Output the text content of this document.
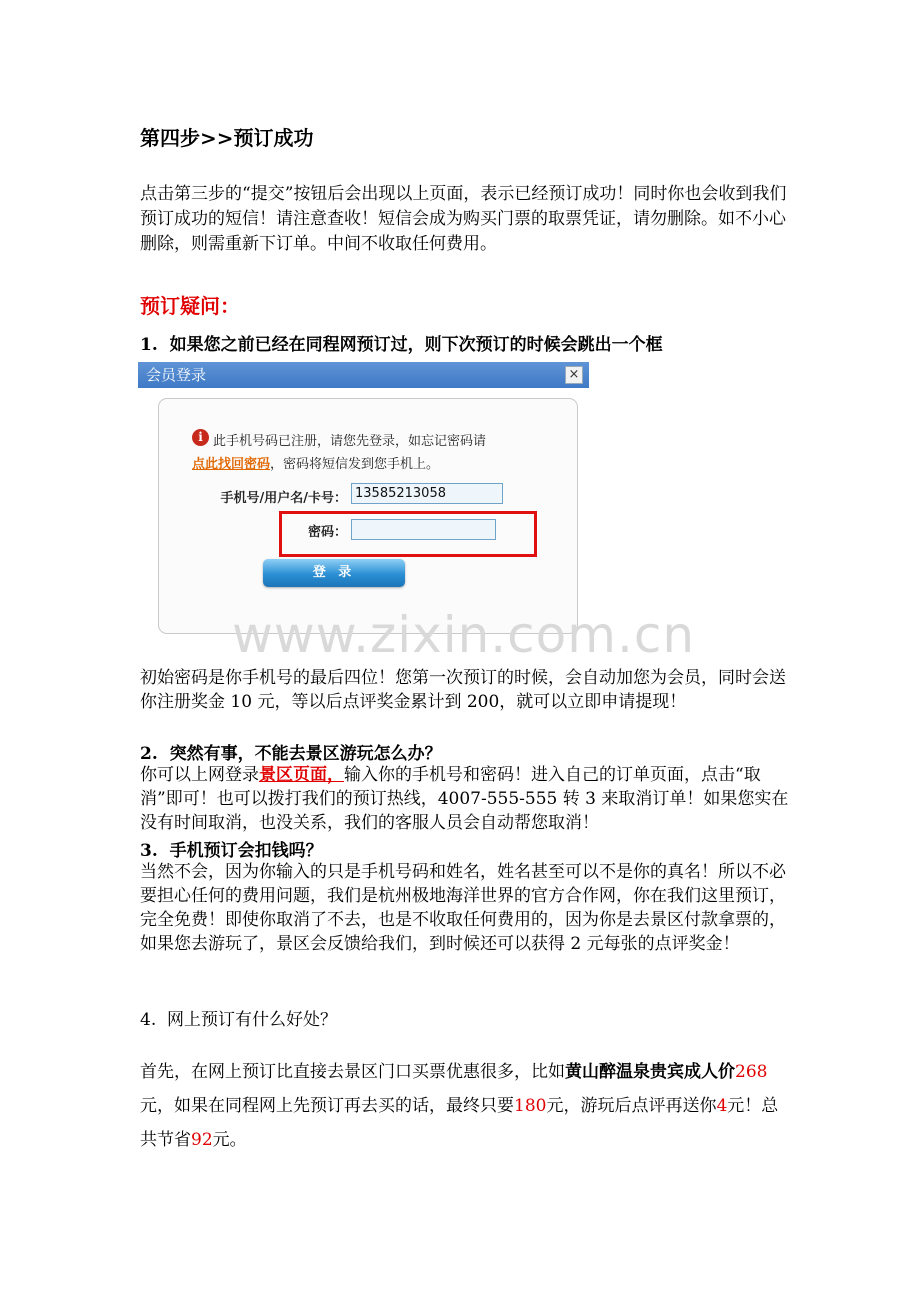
第四步>>预订成功
点击第三步的“提交”按钮后会出现以上页面，表示已经预订成功！同时你也会收到我们预订成功的短信！请注意查收！短信会成为购买门票的取票凭证，请勿删除。如不小心删除，则需重新下订单。中间不收取任何费用。
预订疑问：
1. 如果您之前已经在同程网预订过，则下次预订的时候会跳出一个框
会员登录	×
i 此手机号码已注册，请您先登录，如忘记密码请
点此找回密码，密码将短信发到您手机上。
手机号/用户名/卡号： 13585213058
密码：
登 录
www.zixin.com.cn
初始密码是你手机号的最后四位！您第一次预订的时候，会自动加您为会员，同时会送你注册奖金 10 元，等以后点评奖金累计到 200，就可以立即申请提现！
2. 突然有事，不能去景区游玩怎么办？
你可以上网登录景区页面，输入你的手机号和密码！进入自己的订单页面，点击“取消”即可！也可以拨打我们的预订热线，4007-555-555 转 3 来取消订单！如果您实在没有时间取消，也没关系，我们的客服人员会自动帮您取消！
3. 手机预订会扣钱吗？
当然不会，因为你输入的只是手机号码和姓名，姓名甚至可以不是你的真名！所以不必要担心任何的费用问题，我们是杭州极地海洋世界的官方合作网，你在我们这里预订，完全免费！即使你取消了不去，也是不收取任何费用的，因为你是去景区付款拿票的，如果您去游玩了，景区会反馈给我们，到时候还可以获得 2 元每张的点评奖金！
4. 网上预订有什么好处？
首先，在网上预订比直接去景区门口买票优惠很多，比如黄山醉温泉贵宾成人价268元，如果在同程网上先预订再去买的话，最终只要180元，游玩后点评再送你4元！总共节省92元。
